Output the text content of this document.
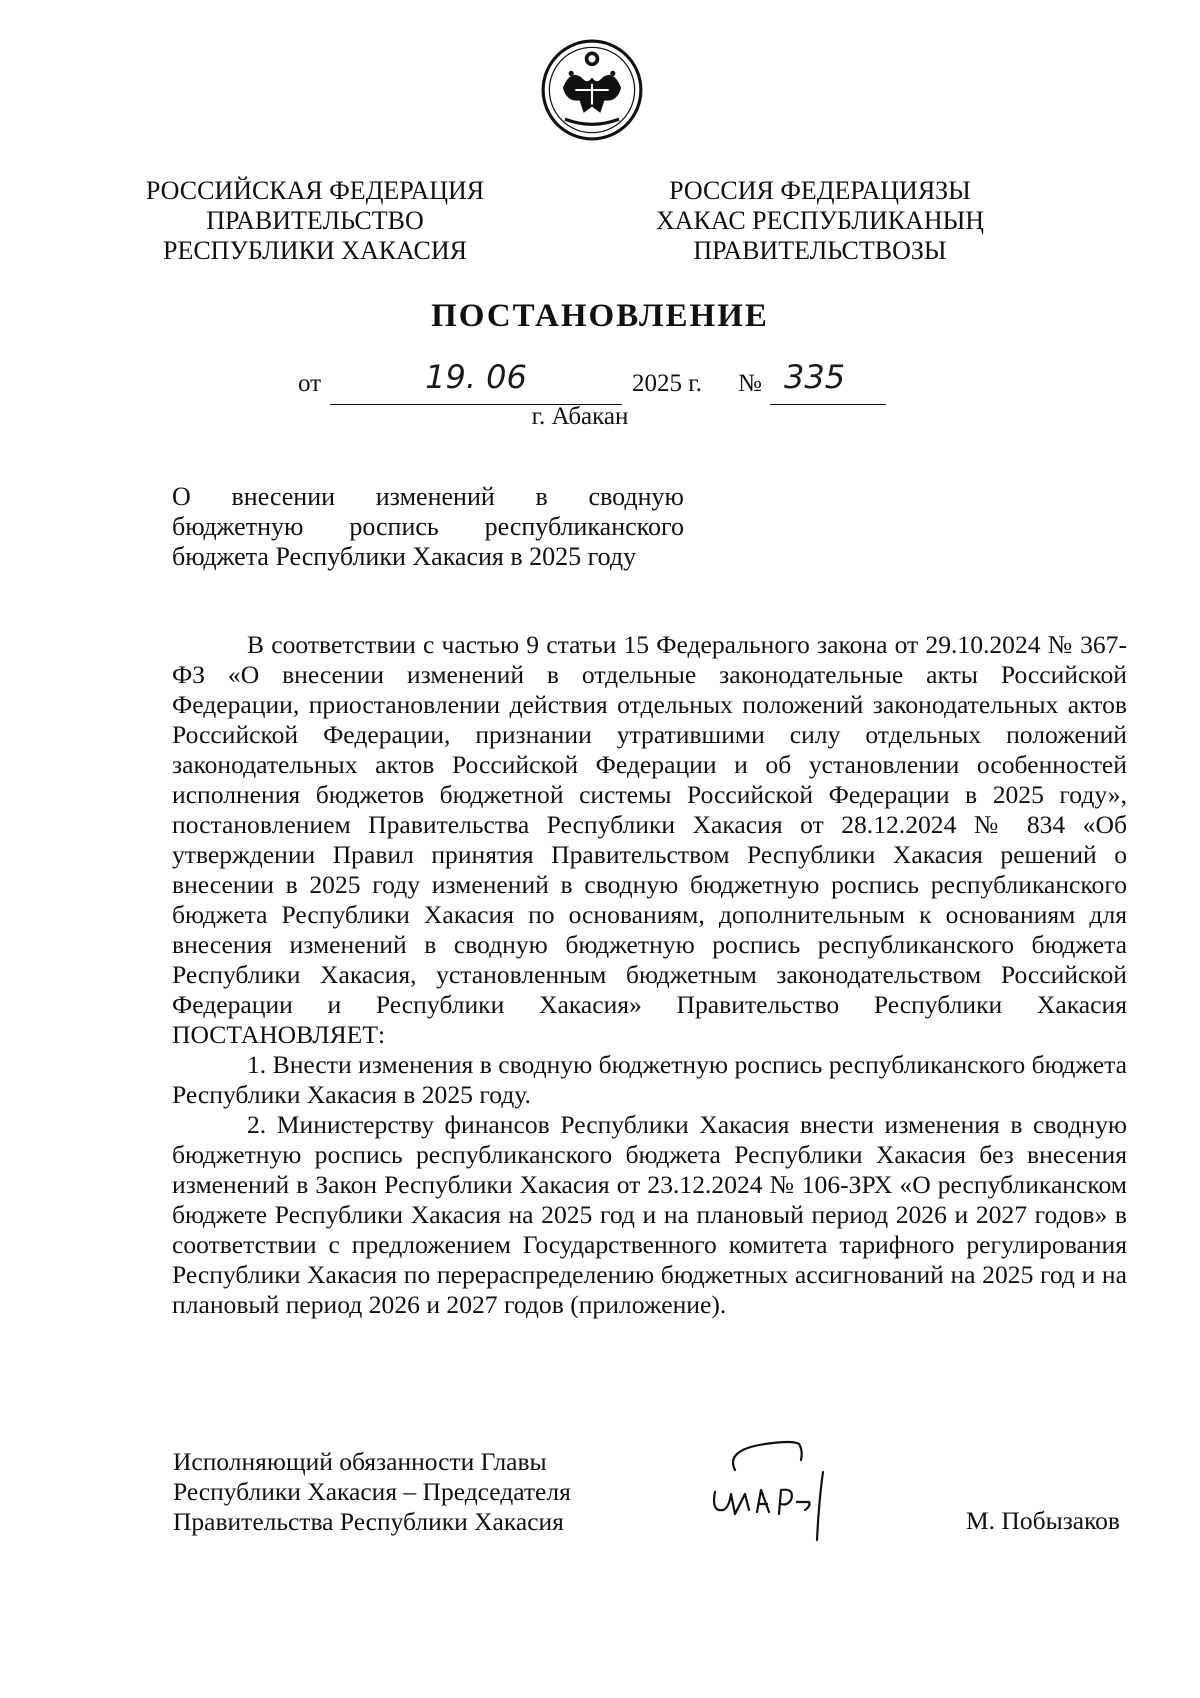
РОССИЙСКАЯ ФЕДЕРАЦИЯ
ПРАВИТЕЛЬСТВО
РЕСПУБЛИКИ ХАКАСИЯ
РОССИЯ ФЕДЕРАЦИЯЗЫ
ХАКАС РЕСПУБЛИКАНЫҢ
ПРАВИТЕЛЬСТВОЗЫ
ПОСТАНОВЛЕНИЕ
от	19. 06	2025 г. № 335
г. Абакан
О внесении изменений в сводную бюджетную роспись республиканского бюджета Республики Хакасия в 2025 году

В соответствии с частью 9 статьи 15 Федерального закона от 29.10.2024 № 367-ФЗ «О внесении изменений в отдельные законодательные акты Российской Федерации, приостановлении действия отдельных положений законодательных актов Российской Федерации, признании утратившими силу отдельных положений законодательных актов Российской Федерации и об установлении особенностей исполнения бюджетов бюджетной системы Российской Федерации в 2025 году», постановлением Правительства Республики Хакасия от 28.12.2024 № 834 «Об утверждении Правил принятия Правительством Республики Хакасия решений о внесении в 2025 году изменений в сводную бюджетную роспись республиканского бюджета Республики Хакасия по основаниям, дополнительным к основаниям для внесения изменений в сводную бюджетную роспись республиканского бюджета Республики Хакасия, установленным бюджетным законодательством Российской Федерации и Республики Хакасия» Правительство Республики Хакасия ПОСТАНОВЛЯЕТ:

1. Внести изменения в сводную бюджетную роспись республиканского бюджета Республики Хакасия в 2025 году.

2. Министерству финансов Республики Хакасия внести изменения в сводную бюджетную роспись республиканского бюджета Республики Хакасия без внесения изменений в Закон Республики Хакасия от 23.12.2024 № 106-ЗРХ «О республиканском бюджете Республики Хакасия на 2025 год и на плановый период 2026 и 2027 годов» в соответствии с предложением Государственного комитета тарифного регулирования Республики Хакасия по перераспределению бюджетных ассигнований на 2025 год и на плановый период 2026 и 2027 годов (приложение).

Исполняющий обязанности Главы
Республики Хакасия – Председателя
Правительства Республики Хакасия	М. Побызаков
